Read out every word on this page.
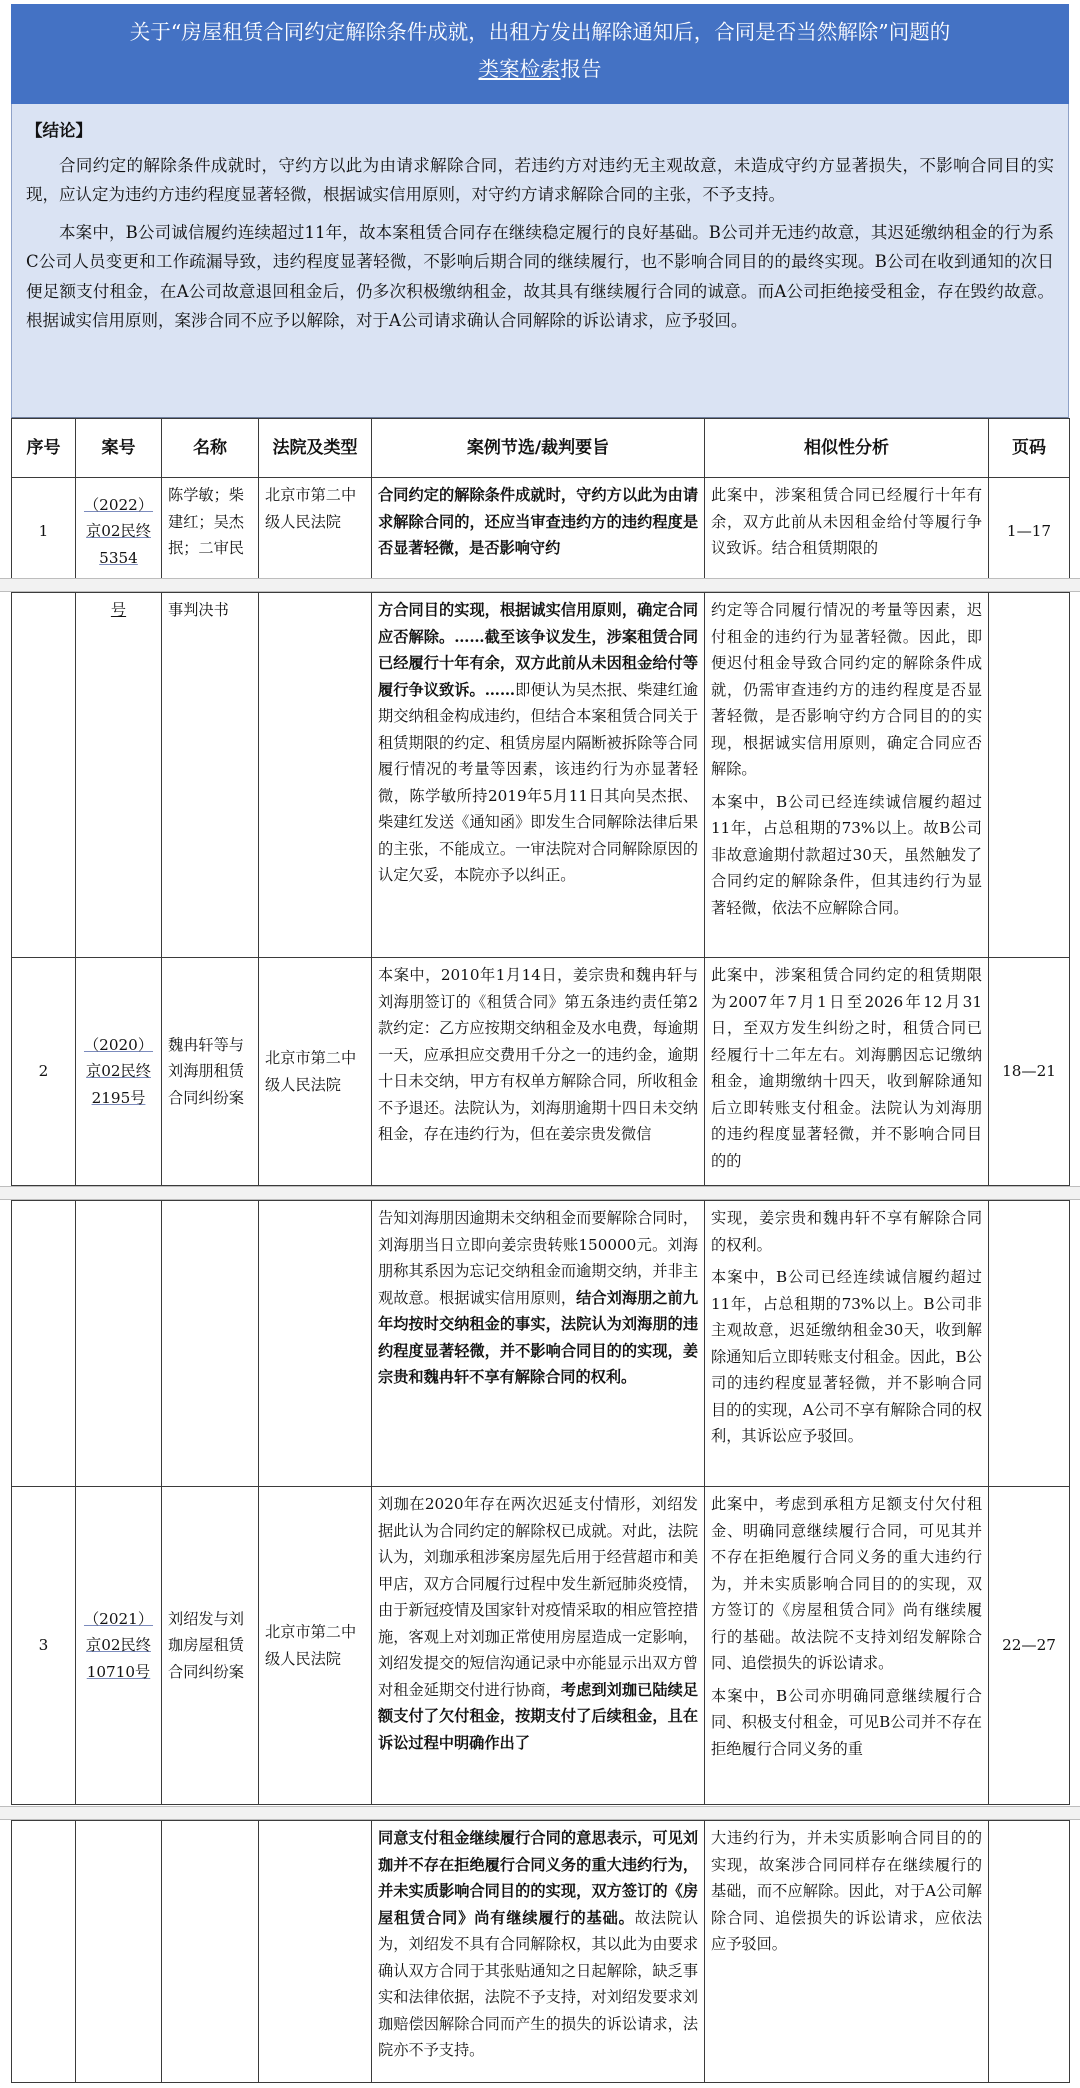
关于“房屋租赁合同约定解除条件成就，出租方发出解除通知后，合同是否当然解除”问题的
类案检索报告

【结论】

合同约定的解除条件成就时，守约方以此为由请求解除合同，若违约方对违约无主观故意，未造成守约方显著损失，不影响合同目的实现，应认定为违约方违约程度显著轻微，根据诚实信用原则，对守约方请求解除合同的主张，不予支持。

本案中，B公司诚信履约连续超过11年，故本案租赁合同存在继续稳定履行的良好基础。B公司并无违约故意，其迟延缴纳租金的行为系C公司人员变更和工作疏漏导致，违约程度显著轻微，不影响后期合同的继续履行，也不影响合同目的的最终实现。B公司在收到通知的次日便足额支付租金，在A公司故意退回租金后，仍多次积极缴纳租金，故其具有继续履行合同的诚意。而A公司拒绝接受租金，存在毁约故意。根据诚实信用原则，案涉合同不应予以解除，对于A公司请求确认合同解除的诉讼请求，应予驳回。

序号	案号	名称	法院及类型	案例节选/裁判要旨	相似性分析	页码
1	（2022）京02民终5354	陈学敏；柴建红；吴杰抿；二审民	北京市第二中级人民法院	合同约定的解除条件成就时，守约方以此为由请求解除合同的，还应当审查违约方的违约程度是否显著轻微，是否影响守约	此案中，涉案租赁合同已经履行十年有余，双方此前从未因租金给付等履行争议致诉。结合租赁期限的	1—17
	号	事判决书		方合同目的实现，根据诚实信用原则，确定合同应否解除。……截至该争议发生，涉案租赁合同已经履行十年有余，双方此前从未因租金给付等履行争议致诉。……即便认为吴杰抿、柴建红逾期交纳租金构成违约，但结合本案租赁合同关于租赁期限的约定、租赁房屋内隔断被拆除等合同履行情况的考量等因素，该违约行为亦显著轻微，陈学敏所持2019年5月11日其向吴杰抿、柴建红发送《通知函》即发生合同解除法律后果的主张，不能成立。一审法院对合同解除原因的认定欠妥，本院亦予以纠正。	约定等合同履行情况的考量等因素，迟付租金的违约行为显著轻微。因此，即便迟付租金导致合同约定的解除条件成就，仍需审查违约方的违约程度是否显著轻微，是否影响守约方合同目的的实现，根据诚实信用原则，确定合同应否解除。

本案中，B公司已经连续诚信履约超过11年，占总租期的73%以上。故B公司非故意逾期付款超过30天，虽然触发了合同约定的解除条件，但其违约行为显著轻微，依法不应解除合同。	

2	（2020）京02民终2195号	魏冉轩等与刘海朋租赁合同纠纷案	北京市第二中级人民法院	本案中，2010年1月14日，姜宗贵和魏冉轩与刘海朋签订的《租赁合同》第五条违约责任第2款约定：乙方应按期交纳租金及水电费，每逾期一天，应承担应交费用千分之一的违约金，逾期十日未交纳，甲方有权单方解除合同，所收租金不予退还。法院认为，刘海朋逾期十四日未交纳租金，存在违约行为，但在姜宗贵发微信	此案中，涉案租赁合同约定的租赁期限为2007年7月1日至2026年12月31日，至双方发生纠纷之时，租赁合同已经履行十二年左右。刘海鹏因忘记缴纳租金，逾期缴纳十四天，收到解除通知后立即转账支付租金。法院认为刘海朋的违约程度显著轻微，并不影响合同目的的	18—21
				告知刘海朋因逾期未交纳租金而要解除合同时，刘海朋当日立即向姜宗贵转账150000元。刘海朋称其系因为忘记交纳租金而逾期交纳，并非主观故意。根据诚实信用原则，结合刘海朋之前九年均按时交纳租金的事实，法院认为刘海朋的违约程度显著轻微，并不影响合同目的的实现，姜宗贵和魏冉轩不享有解除合同的权利。	实现，姜宗贵和魏冉轩不享有解除合同的权利。

本案中，B公司已经连续诚信履约超过11年，占总租期的73%以上。B公司非主观故意，迟延缴纳租金30天，收到解除通知后立即转账支付租金。因此，B公司的违约程度显著轻微，并不影响合同目的的实现，A公司不享有解除合同的权利，其诉讼应予驳回。	

3	（2021）京02民终10710号	刘绍发与刘珈房屋租赁合同纠纷案	北京市第二中级人民法院	刘珈在2020年存在两次迟延支付情形，刘绍发据此认为合同约定的解除权已成就。对此，法院认为，刘珈承租涉案房屋先后用于经营超市和美甲店，双方合同履行过程中发生新冠肺炎疫情，由于新冠疫情及国家针对疫情采取的相应管控措施，客观上对刘珈正常使用房屋造成一定影响，刘绍发提交的短信沟通记录中亦能显示出双方曾对租金延期交付进行协商，考虑到刘珈已陆续足额支付了欠付租金，按期支付了后续租金，且在诉讼过程中明确作出了	此案中，考虑到承租方足额支付欠付租金、明确同意继续履行合同，可见其并不存在拒绝履行合同义务的重大违约行为，并未实质影响合同目的的实现，双方签订的《房屋租赁合同》尚有继续履行的基础。故法院不支持刘绍发解除合同、追偿损失的诉讼请求。

本案中，B公司亦明确同意继续履行合同、积极支付租金，可见B公司并不存在拒绝履行合同义务的重	22—27
				同意支付租金继续履行合同的意思表示，可见刘珈并不存在拒绝履行合同义务的重大违约行为，并未实质影响合同目的的实现，双方签订的《房屋租赁合同》尚有继续履行的基础。故法院认为，刘绍发不具有合同解除权，其以此为由要求确认双方合同于其张贴通知之日起解除，缺乏事实和法律依据，法院不予支持，对刘绍发要求刘珈赔偿因解除合同而产生的损失的诉讼请求，法院亦不予支持。	大违约行为，并未实质影响合同目的的实现，故案涉合同同样存在继续履行的基础，而不应解除。因此，对于A公司解除合同、追偿损失的诉讼请求，应依法应予驳回。	
